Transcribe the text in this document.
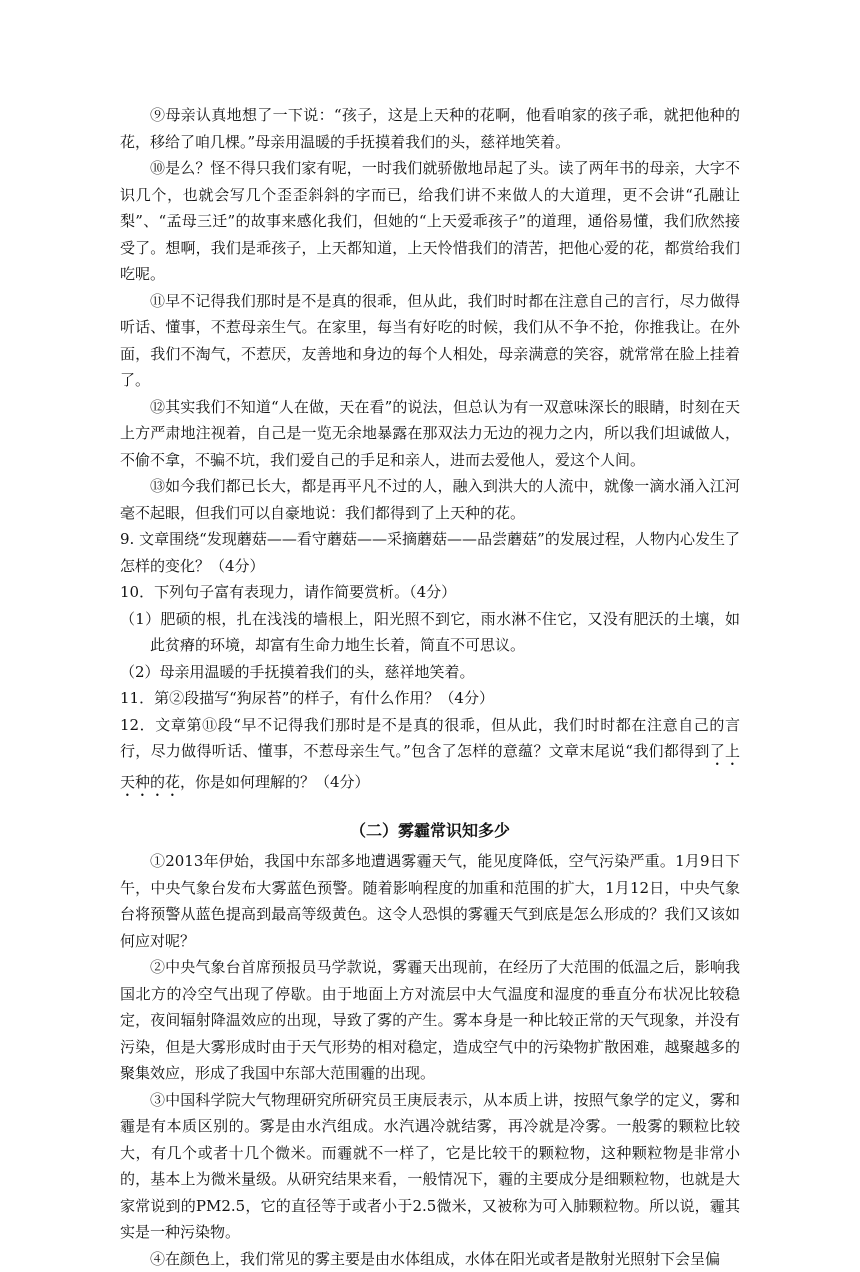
⑨母亲认真地想了一下说：“孩子，这是上天种的花啊，他看咱家的孩子乖，就把他种的花，移给了咱几棵。”母亲用温暖的手抚摸着我们的头，慈祥地笑着。

⑩是么？怪不得只我们家有呢，一时我们就骄傲地昂起了头。读了两年书的母亲，大字不识几个，也就会写几个歪歪斜斜的字而已，给我们讲不来做人的大道理，更不会讲“孔融让梨”、“孟母三迁”的故事来感化我们，但她的“上天爱乖孩子”的道理，通俗易懂，我们欣然接受了。想啊，我们是乖孩子，上天都知道，上天怜惜我们的清苦，把他心爱的花，都赏给我们吃呢。

⑪早不记得我们那时是不是真的很乖，但从此，我们时时都在注意自己的言行，尽力做得听话、懂事，不惹母亲生气。在家里，每当有好吃的时候，我们从不争不抢，你推我让。在外面，我们不淘气，不惹厌，友善地和身边的每个人相处，母亲满意的笑容，就常常在脸上挂着了。

⑫其实我们不知道“人在做，天在看”的说法，但总认为有一双意味深长的眼睛，时刻在天上方严肃地注视着，自己是一览无余地暴露在那双法力无边的视力之内，所以我们坦诚做人，不偷不拿，不骗不坑，我们爱自己的手足和亲人，进而去爱他人，爱这个人间。

⑬如今我们都已长大，都是再平凡不过的人，融入到洪大的人流中，就像一滴水涌入江河毫不起眼，但我们可以自豪地说：我们都得到了上天种的花。

9. 文章围绕“发现蘑菇——看守蘑菇——采摘蘑菇——品尝蘑菇”的发展过程，人物内心发生了怎样的变化？（4分）

10．下列句子富有表现力，请作简要赏析。（4分）

（1）肥硕的根，扎在浅浅的墙根上，阳光照不到它，雨水淋不住它，又没有肥沃的土壤，如此贫瘠的环境，却富有生命力地生长着，简直不可思议。

（2）母亲用温暖的手抚摸着我们的头，慈祥地笑着。

11．第②段描写“狗尿苔”的样子，有什么作用？（4分）

12．文章第⑪段“早不记得我们那时是不是真的很乖，但从此，我们时时都在注意自己的言行，尽力做得听话、懂事，不惹母亲生气。”包含了怎样的意蕴？文章末尾说“我们都得到了上天种的花，你是如何理解的？（4分）

（二）雾霾常识知多少

①2013年伊始，我国中东部多地遭遇雾霾天气，能见度降低，空气污染严重。1月9日下午，中央气象台发布大雾蓝色预警。随着影响程度的加重和范围的扩大，1月12日，中央气象台将预警从蓝色提高到最高等级黄色。这令人恐惧的雾霾天气到底是怎么形成的？我们又该如何应对呢？

②中央气象台首席预报员马学款说，雾霾天出现前，在经历了大范围的低温之后，影响我国北方的冷空气出现了停歇。由于地面上方对流层中大气温度和湿度的垂直分布状况比较稳定，夜间辐射降温效应的出现，导致了雾的产生。雾本身是一种比较正常的天气现象，并没有污染，但是大雾形成时由于天气形势的相对稳定，造成空气中的污染物扩散困难，越聚越多的聚集效应，形成了我国中东部大范围霾的出现。

③中国科学院大气物理研究所研究员王庚辰表示，从本质上讲，按照气象学的定义，雾和霾是有本质区别的。雾是由水汽组成。水汽遇冷就结雾，再冷就是冷雾。一般雾的颗粒比较大，有几个或者十几个微米。而霾就不一样了，它是比较干的颗粒物，这种颗粒物是非常小的，基本上为微米量级。从研究结果来看，一般情况下，霾的主要成分是细颗粒物，也就是大家常说到的PM2.5，它的直径等于或者小于2.5微米，又被称为可入肺颗粒物。所以说，霾其实是一种污染物。

④在颜色上，我们常见的雾主要是由水体组成，水体在阳光或者是散射光照射下会呈偏
